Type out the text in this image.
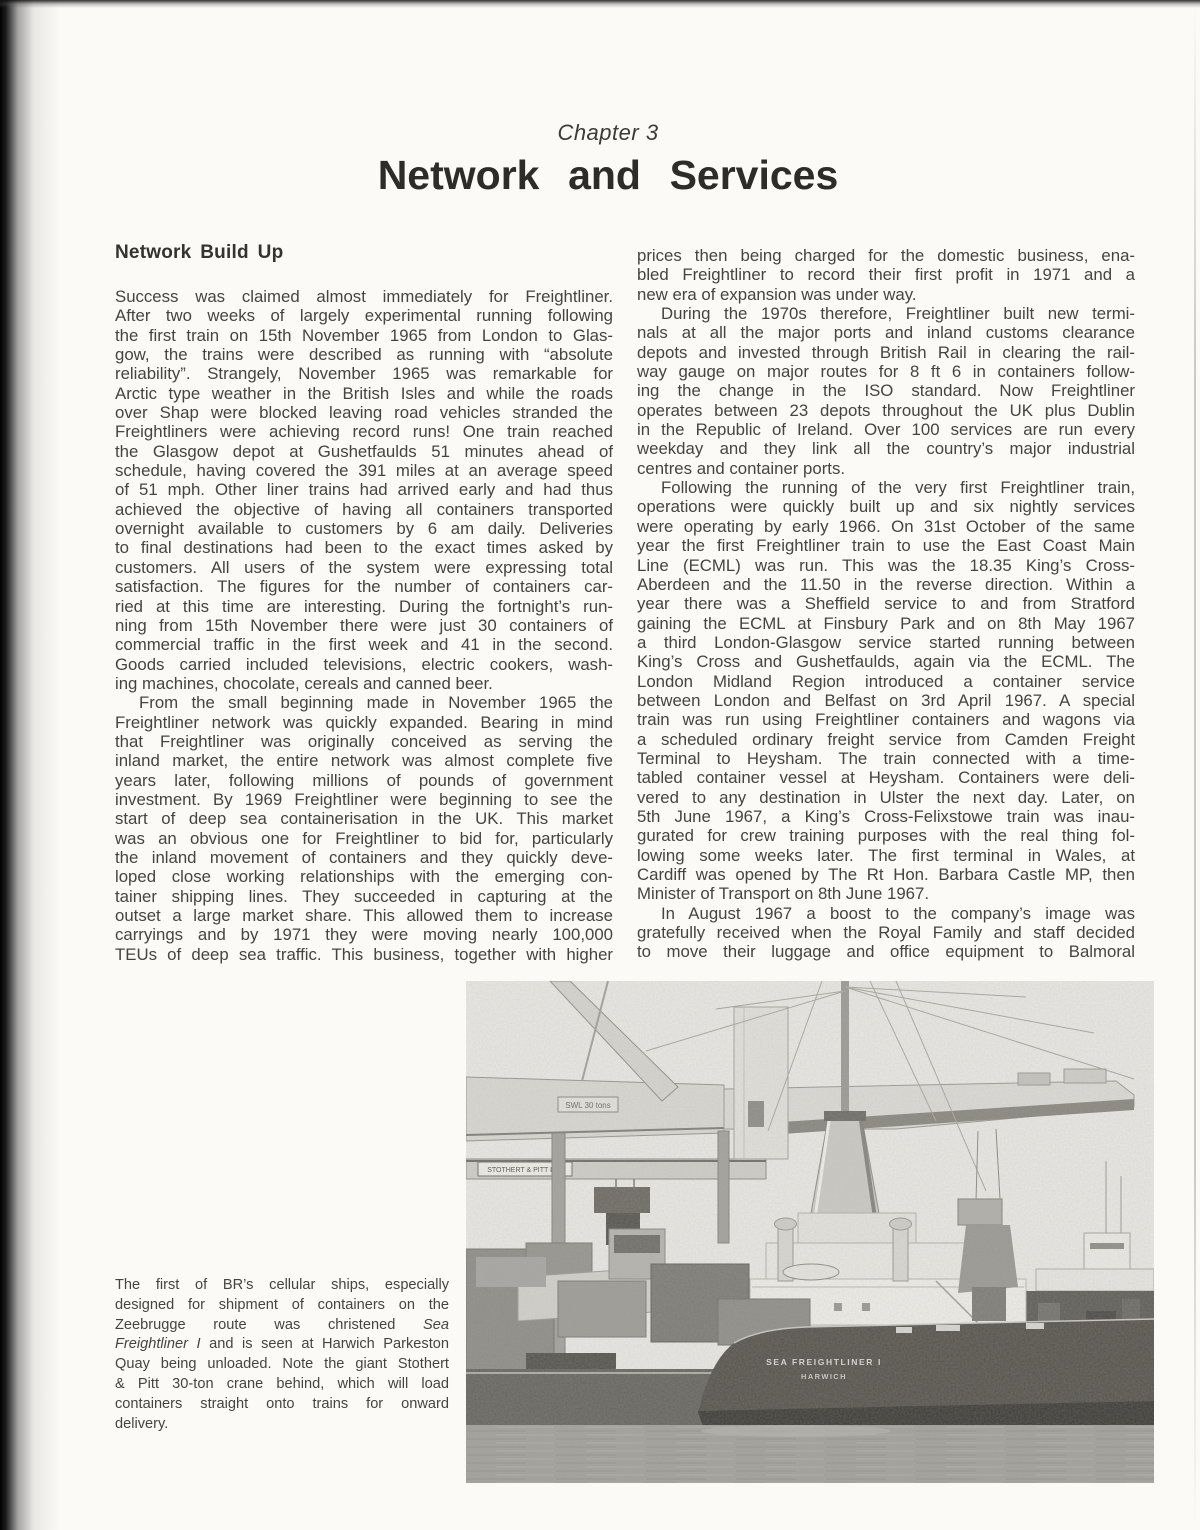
Chapter 3
Network and Services
Network Build Up
Success was claimed almost immediately for Freightliner.
After two weeks of largely experimental running following
the first train on 15th November 1965 from London to Glas-
gow, the trains were described as running with “absolute
reliability”. Strangely, November 1965 was remarkable for
Arctic type weather in the British Isles and while the roads
over Shap were blocked leaving road vehicles stranded the
Freightliners were achieving record runs! One train reached
the Glasgow depot at Gushetfaulds 51 minutes ahead of
schedule, having covered the 391 miles at an average speed
of 51 mph. Other liner trains had arrived early and had thus
achieved the objective of having all containers transported
overnight available to customers by 6 am daily. Deliveries
to final destinations had been to the exact times asked by
customers. All users of the system were expressing total
satisfaction. The figures for the number of containers car-
ried at this time are interesting. During the fortnight’s run-
ning from 15th November there were just 30 containers of
commercial traffic in the first week and 41 in the second.
Goods carried included televisions, electric cookers, wash-
ing machines, chocolate, cereals and canned beer.
From the small beginning made in November 1965 the
Freightliner network was quickly expanded. Bearing in mind
that Freightliner was originally conceived as serving the
inland market, the entire network was almost complete five
years later, following millions of pounds of government
investment. By 1969 Freightliner were beginning to see the
start of deep sea containerisation in the UK. This market
was an obvious one for Freightliner to bid for, particularly
the inland movement of containers and they quickly deve-
loped close working relationships with the emerging con-
tainer shipping lines. They succeeded in capturing at the
outset a large market share. This allowed them to increase
carryings and by 1971 they were moving nearly 100,000
TEUs of deep sea traffic. This business, together with higher
prices then being charged for the domestic business, ena-
bled Freightliner to record their first profit in 1971 and a
new era of expansion was under way.
During the 1970s therefore, Freightliner built new termi-
nals at all the major ports and inland customs clearance
depots and invested through British Rail in clearing the rail-
way gauge on major routes for 8 ft 6 in containers follow-
ing the change in the ISO standard. Now Freightliner
operates between 23 depots throughout the UK plus Dublin
in the Republic of Ireland. Over 100 services are run every
weekday and they link all the country’s major industrial
centres and container ports.
Following the running of the very first Freightliner train,
operations were quickly built up and six nightly services
were operating by early 1966. On 31st October of the same
year the first Freightliner train to use the East Coast Main
Line (ECML) was run. This was the 18.35 King’s Cross-
Aberdeen and the 11.50 in the reverse direction. Within a
year there was a Sheffield service to and from Stratford
gaining the ECML at Finsbury Park and on 8th May 1967
a third London-Glasgow service started running between
King’s Cross and Gushetfaulds, again via the ECML. The
London Midland Region introduced a container service
between London and Belfast on 3rd April 1967. A special
train was run using Freightliner containers and wagons via
a scheduled ordinary freight service from Camden Freight
Terminal to Heysham. The train connected with a time-
tabled container vessel at Heysham. Containers were deli-
vered to any destination in Ulster the next day. Later, on
5th June 1967, a King’s Cross-Felixstowe train was inau-
gurated for crew training purposes with the real thing fol-
lowing some weeks later. The first terminal in Wales, at
Cardiff was opened by The Rt Hon. Barbara Castle MP, then
Minister of Transport on 8th June 1967.
In August 1967 a boost to the company’s image was
gratefully received when the Royal Family and staff decided
to move their luggage and office equipment to Balmoral
The first of BR’s cellular ships, especially
designed for shipment of containers on the
Zeebrugge route was christened Sea
Freightliner I and is seen at Harwich Parkeston
Quay being unloaded. Note the giant Stothert
& Pitt 30-ton crane behind, which will load
containers straight onto trains for onward
delivery.
